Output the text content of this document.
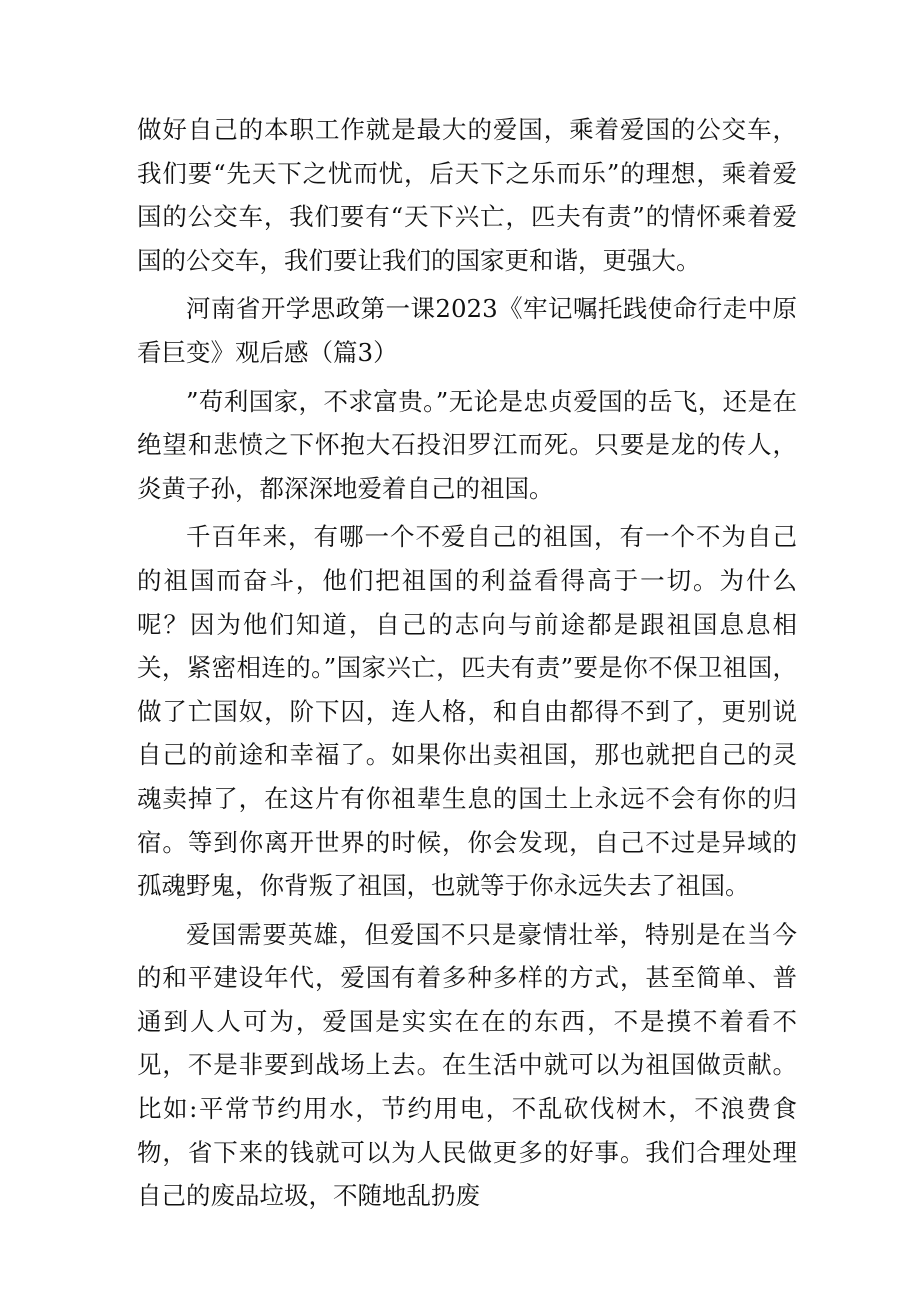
做好自己的本职工作就是最大的爱国，乘着爱国的公交车，我们要“先天下之忧而忧，后天下之乐而乐”的理想，乘着爱国的公交车，我们要有“天下兴亡，匹夫有责”的情怀乘着爱国的公交车，我们要让我们的国家更和谐，更强大。

河南省开学思政第一课2023《牢记嘱托践使命行走中原看巨变》观后感（篇3）

”苟利国家，不求富贵。”无论是忠贞爱国的岳飞，还是在绝望和悲愤之下怀抱大石投汨罗江而死。只要是龙的传人，炎黄子孙，都深深地爱着自己的祖国。

千百年来，有哪一个不爱自己的祖国，有一个不为自己的祖国而奋斗，他们把祖国的利益看得高于一切。为什么呢？因为他们知道，自己的志向与前途都是跟祖国息息相关，紧密相连的。”国家兴亡，匹夫有责”要是你不保卫祖国，做了亡国奴，阶下囚，连人格，和自由都得不到了，更别说自己的前途和幸福了。如果你出卖祖国，那也就把自己的灵魂卖掉了，在这片有你祖辈生息的国土上永远不会有你的归宿。等到你离开世界的时候，你会发现，自己不过是异域的孤魂野鬼，你背叛了祖国，也就等于你永远失去了祖国。

爱国需要英雄，但爱国不只是豪情壮举，特别是在当今的和平建设年代，爱国有着多种多样的方式，甚至简单、普通到人人可为，爱国是实实在在的东西，不是摸不着看不见，不是非要到战场上去。在生活中就可以为祖国做贡献。比如:平常节约用水，节约用电，不乱砍伐树木，不浪费食物，省下来的钱就可以为人民做更多的好事。我们合理处理自己的废品垃圾，不随地乱扔废
